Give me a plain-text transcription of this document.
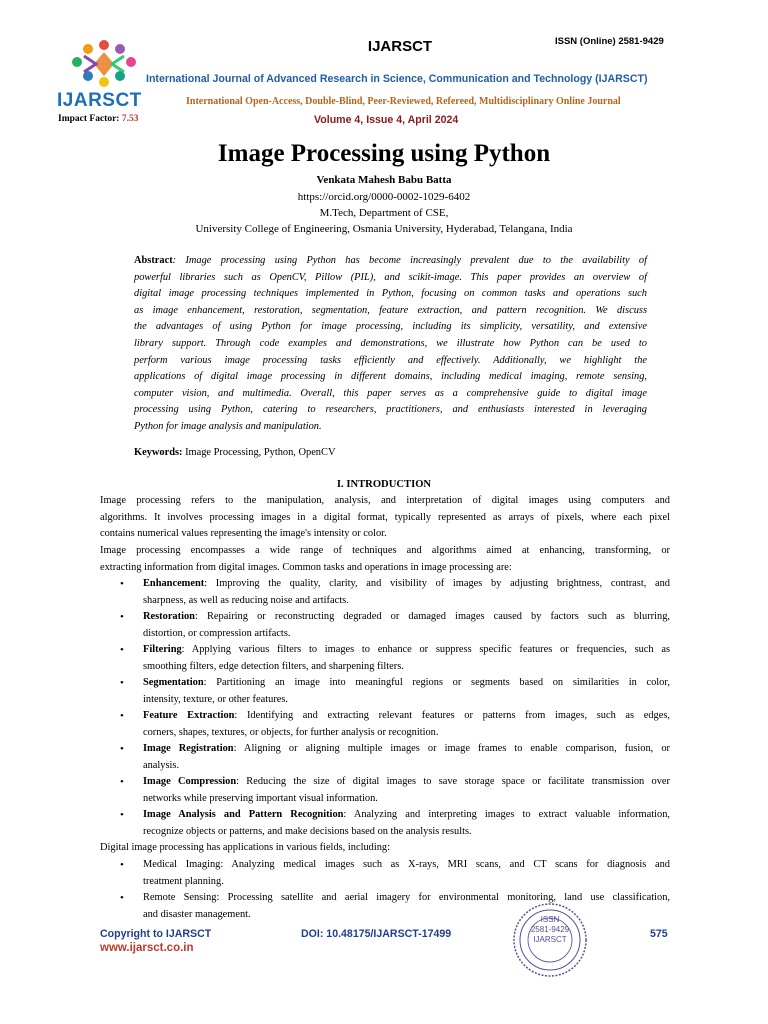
IJARSCT
Impact Factor: 7.53
IJARSCT	ISSN (Online) 2581-9429
International Journal of Advanced Research in Science, Communication and Technology (IJARSCT)
International Open-Access, Double-Blind, Peer-Reviewed, Refereed, Multidisciplinary Online Journal
Volume 4, Issue 4, April 2024
Image Processing using Python
Venkata Mahesh Babu Batta
https://orcid.org/0000-0002-1029-6402
M.Tech, Department of CSE,
University College of Engineering, Osmania University, Hyderabad, Telangana, India
Abstract: Image processing using Python has become increasingly prevalent due to the availability of
powerful libraries such as OpenCV, Pillow (PIL), and scikit-image. This paper provides an overview of
digital image processing techniques implemented in Python, focusing on common tasks and operations such
as image enhancement, restoration, segmentation, feature extraction, and pattern recognition. We discuss
the advantages of using Python for image processing, including its simplicity, versatility, and extensive
library support. Through code examples and demonstrations, we illustrate how Python can be used to
perform various image processing tasks efficiently and effectively. Additionally, we highlight the
applications of digital image processing in different domains, including medical imaging, remote sensing,
computer vision, and multimedia. Overall, this paper serves as a comprehensive guide to digital image
processing using Python, catering to researchers, practitioners, and enthusiasts interested in leveraging
Python for image analysis and manipulation.
Keywords: Image Processing, Python, OpenCV
I. INTRODUCTION
Image processing refers to the manipulation, analysis, and interpretation of digital images using computers and
algorithms. It involves processing images in a digital format, typically represented as arrays of pixels, where each pixel
contains numerical values representing the image's intensity or color.
Image processing encompasses a wide range of techniques and algorithms aimed at enhancing, transforming, or
extracting information from digital images. Common tasks and operations in image processing are:
• Enhancement: Improving the quality, clarity, and visibility of images by adjusting brightness, contrast, and
sharpness, as well as reducing noise and artifacts.
• Restoration: Repairing or reconstructing degraded or damaged images caused by factors such as blurring,
distortion, or compression artifacts.
• Filtering: Applying various filters to images to enhance or suppress specific features or frequencies, such as
smoothing filters, edge detection filters, and sharpening filters.
• Segmentation: Partitioning an image into meaningful regions or segments based on similarities in color,
intensity, texture, or other features.
• Feature Extraction: Identifying and extracting relevant features or patterns from images, such as edges,
corners, shapes, textures, or objects, for further analysis or recognition.
• Image Registration: Aligning or aligning multiple images or image frames to enable comparison, fusion, or
analysis.
• Image Compression: Reducing the size of digital images to save storage space or facilitate transmission over
networks while preserving important visual information.
• Image Analysis and Pattern Recognition: Analyzing and interpreting images to extract valuable information,
recognize objects or patterns, and make decisions based on the analysis results.
Digital image processing has applications in various fields, including:
• Medical Imaging: Analyzing medical images such as X-rays, MRI scans, and CT scans for diagnosis and
treatment planning.
• Remote Sensing: Processing satellite and aerial imagery for environmental monitoring, land use classification,
and disaster management.
Copyright to IJARSCT
www.ijarsct.co.in
DOI: 10.48175/IJARSCT-17499	575
ISSN
2581-9429
IJARSCT
